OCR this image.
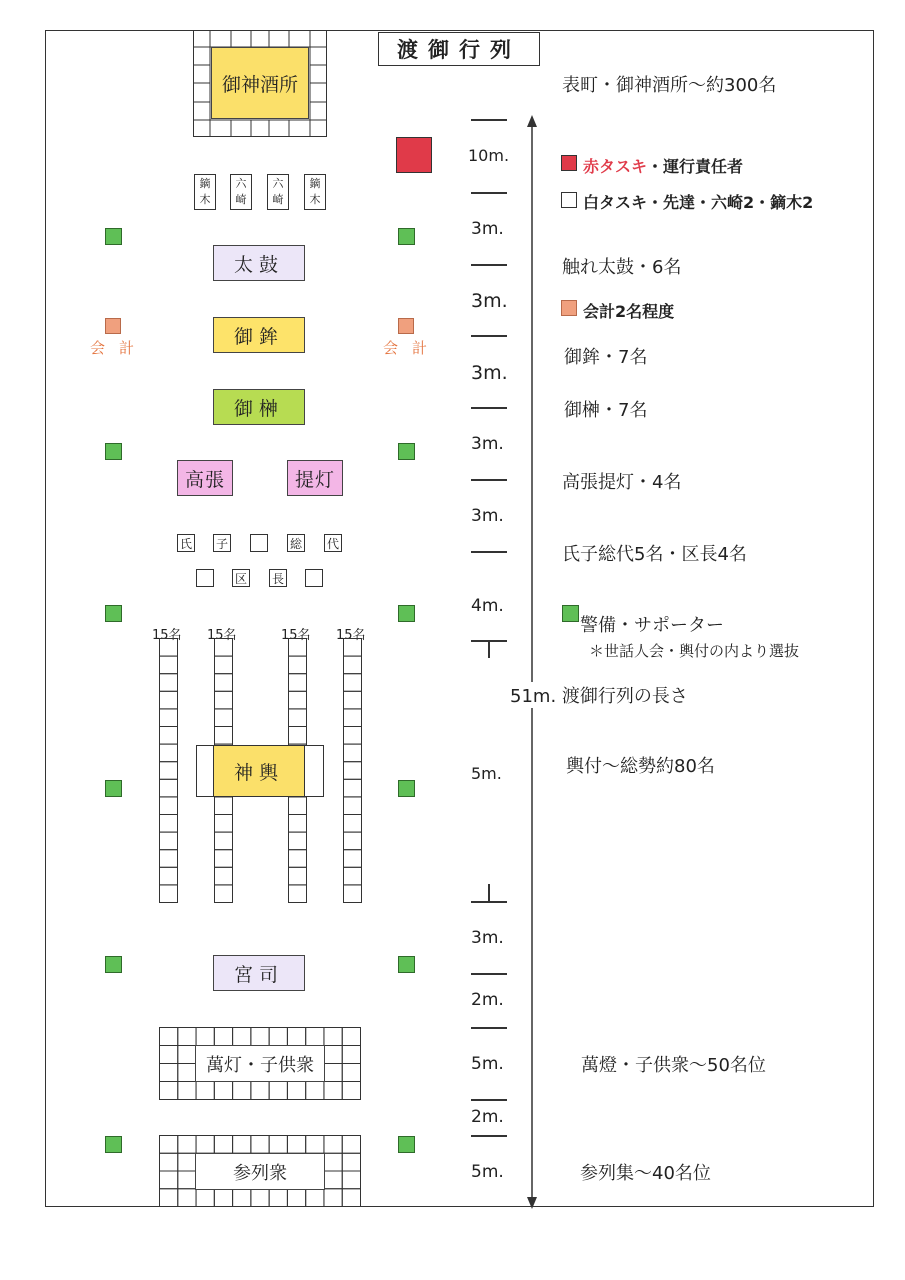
渡御行列
御神酒所
鏑
木
六
崎
六
崎
鏑
木
太鼓
会計	会計
御鉾
御榊
高張	提灯
氏 子	総 代
区 長
15名 15名	15名 15名
神輿
宮司
萬灯・子供衆
参列衆
10m.
3m.
3m.
3m.
3m.
3m.
4m.
5m.
3m.
2m.
5m.
2m.
5m.
表町・御神酒所～約300名
赤タスキ・運行責任者
白タスキ・先達・六崎2・鏑木2
触れ太鼓・6名
会計2名程度
御鉾・7名
御榊・7名
高張提灯・4名
氏子総代5名・区長4名
警備・サポーター
＊世話人会・輿付の内より選抜
51m. 渡御行列の長さ
輿付～総勢約80名
萬燈・子供衆～50名位
参列集～40名位
